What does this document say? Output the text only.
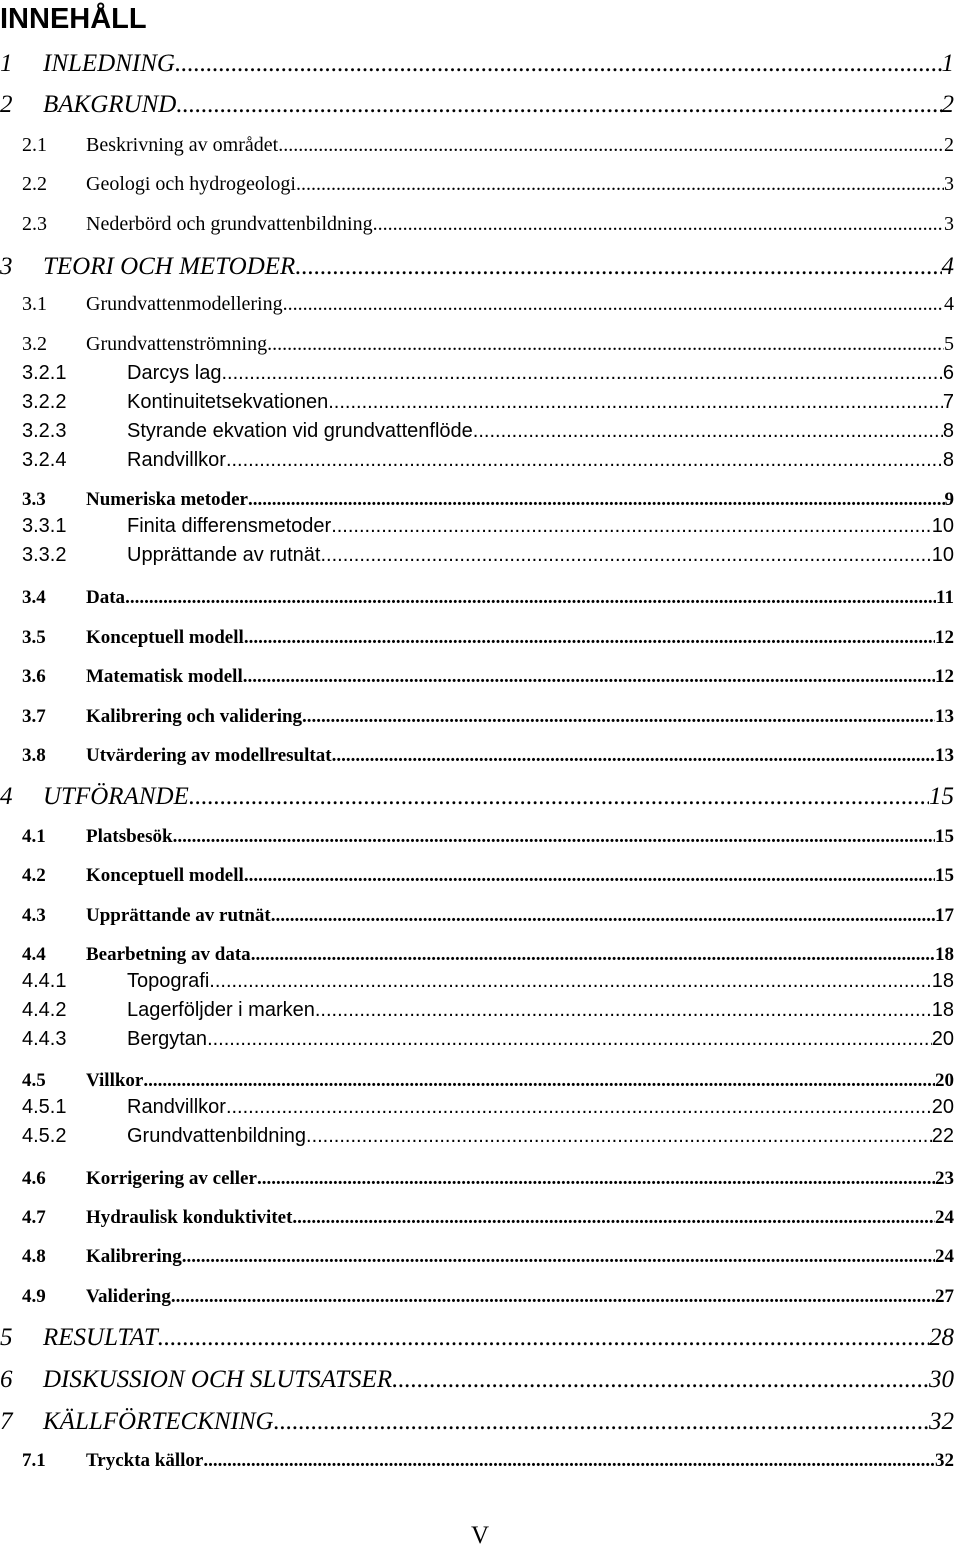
INNEHÅLL
1	INLEDNING .....	1
2	BAKGRUND .....	2
2.1	Beskrivning av området .....	2
2.2	Geologi och hydrogeologi .....	3
2.3	Nederbörd och grundvattenbildning .....	3
3	TEORI OCH METODER .....	4
3.1	Grundvattenmodellering .....	4
3.2	Grundvattenströmning .....	5
3.2.1	Darcys lag .....	6
3.2.2	Kontinuitetsekvationen .....	7
3.2.3	Styrande ekvation vid grundvattenflöde .....	8
3.2.4	Randvillkor .....	8
3.3	Numeriska metoder .....	9
3.3.1	Finita differensmetoder .....	10
3.3.2	Upprättande av rutnät .....	10
3.4	Data .....	11
3.5	Konceptuell modell .....	12
3.6	Matematisk modell .....	12
3.7	Kalibrering och validering .....	13
3.8	Utvärdering av modellresultat .....	13
4	UTFÖRANDE .....	15
4.1	Platsbesök .....	15
4.2	Konceptuell modell .....	15
4.3	Upprättande av rutnät .....	17
4.4	Bearbetning av data .....	18
4.4.1	Topografi .....	18
4.4.2	Lagerföljder i marken .....	18
4.4.3	Bergytan .....	20
4.5	Villkor .....	20
4.5.1	Randvillkor .....	20
4.5.2	Grundvattenbildning .....	22
4.6	Korrigering av celler .....	23
4.7	Hydraulisk konduktivitet .....	24
4.8	Kalibrering .....	24
4.9	Validering .....	27
5	RESULTAT .....	28
6	DISKUSSION OCH SLUTSATSER .....	30
7	KÄLLFÖRTECKNING .....	32
7.1	Tryckta källor .....	32
V
